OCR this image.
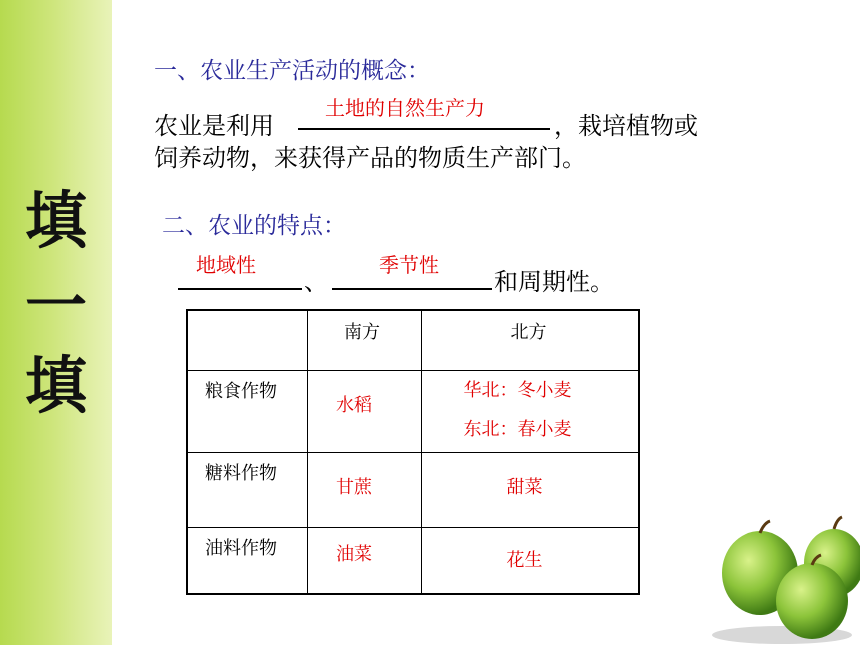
填
一
填
一、农业生产活动的概念：
土地的自然生产力
农业是利用	，栽培植物或
饲养动物，来获得产品的物质生产部门。
二、农业的特点：
地域性	季节性
、	和周期性。

	南方	北方

粮食作物	水稻	华北：冬小麦
东北：春小麦

糖料作物	甘蔗	甜菜

油料作物	油菜	花生
